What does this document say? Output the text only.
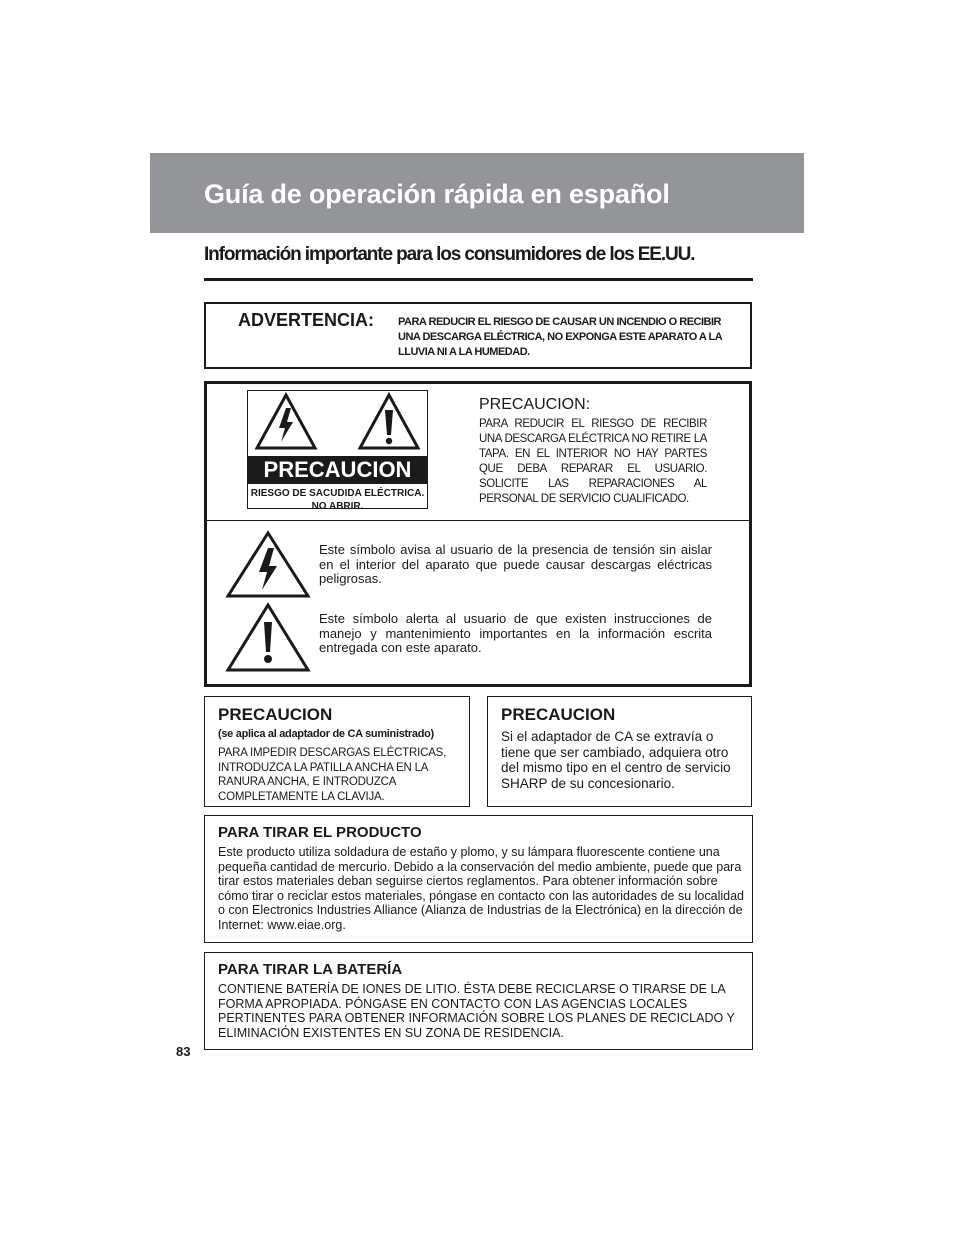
Guía de operación rápida en español
Información importante para los consumidores de los EE.UU.
ADVERTENCIA: PARA REDUCIR EL RIESGO DE CAUSAR UN INCENDIO O RECIBIR UNA DESCARGA ELÉCTRICA, NO EXPONGA ESTE APARATO A LA LLUVIA NI A LA HUMEDAD.
PRECAUCION
RIESGO DE SACUDIDA ELÉCTRICA. NO ABRIR.
PRECAUCION:
PARA REDUCIR EL RIESGO DE RECIBIR UNA DESCARGA ELÉCTRICA NO RETIRE LA TAPA. EN EL INTERIOR NO HAY PARTES QUE DEBA REPARAR EL USUARIO. SOLICITE LAS REPARACIONES AL PERSONAL DE SERVICIO CUALIFICADO.
Este símbolo avisa al usuario de la presencia de tensión sin aislar en el interior del aparato que puede causar descargas eléctricas peligrosas.
Este símbolo alerta al usuario de que existen instrucciones de manejo y mantenimiento importantes en la información escrita entregada con este aparato.
PRECAUCION
(se aplica al adaptador de CA suministrado)
PARA IMPEDIR DESCARGAS ELÉCTRICAS, INTRODUZCA LA PATILLA ANCHA EN LA RANURA ANCHA, E INTRODUZCA COMPLETAMENTE LA CLAVIJA.
PRECAUCION
Si el adaptador de CA se extravía o tiene que ser cambiado, adquiera otro del mismo tipo en el centro de servicio SHARP de su concesionario.
PARA TIRAR EL PRODUCTO
Este producto utiliza soldadura de estaño y plomo, y su lámpara fluorescente contiene una pequeña cantidad de mercurio. Debido a la conservación del medio ambiente, puede que para tirar estos materiales deban seguirse ciertos reglamentos. Para obtener información sobre cómo tirar o reciclar estos materiales, póngase en contacto con las autoridades de su localidad o con Electronics Industries Alliance (Alianza de Industrias de la Electrónica) en la dirección de Internet: www.eiae.org.
PARA TIRAR LA BATERÍA
CONTIENE BATERÍA DE IONES DE LITIO. ÉSTA DEBE RECICLARSE O TIRARSE DE LA FORMA APROPIADA. PÓNGASE EN CONTACTO CON LAS AGENCIAS LOCALES PERTINENTES PARA OBTENER INFORMACIÓN SOBRE LOS PLANES DE RECICLADO Y ELIMINACIÓN EXISTENTES EN SU ZONA DE RESIDENCIA.
83
